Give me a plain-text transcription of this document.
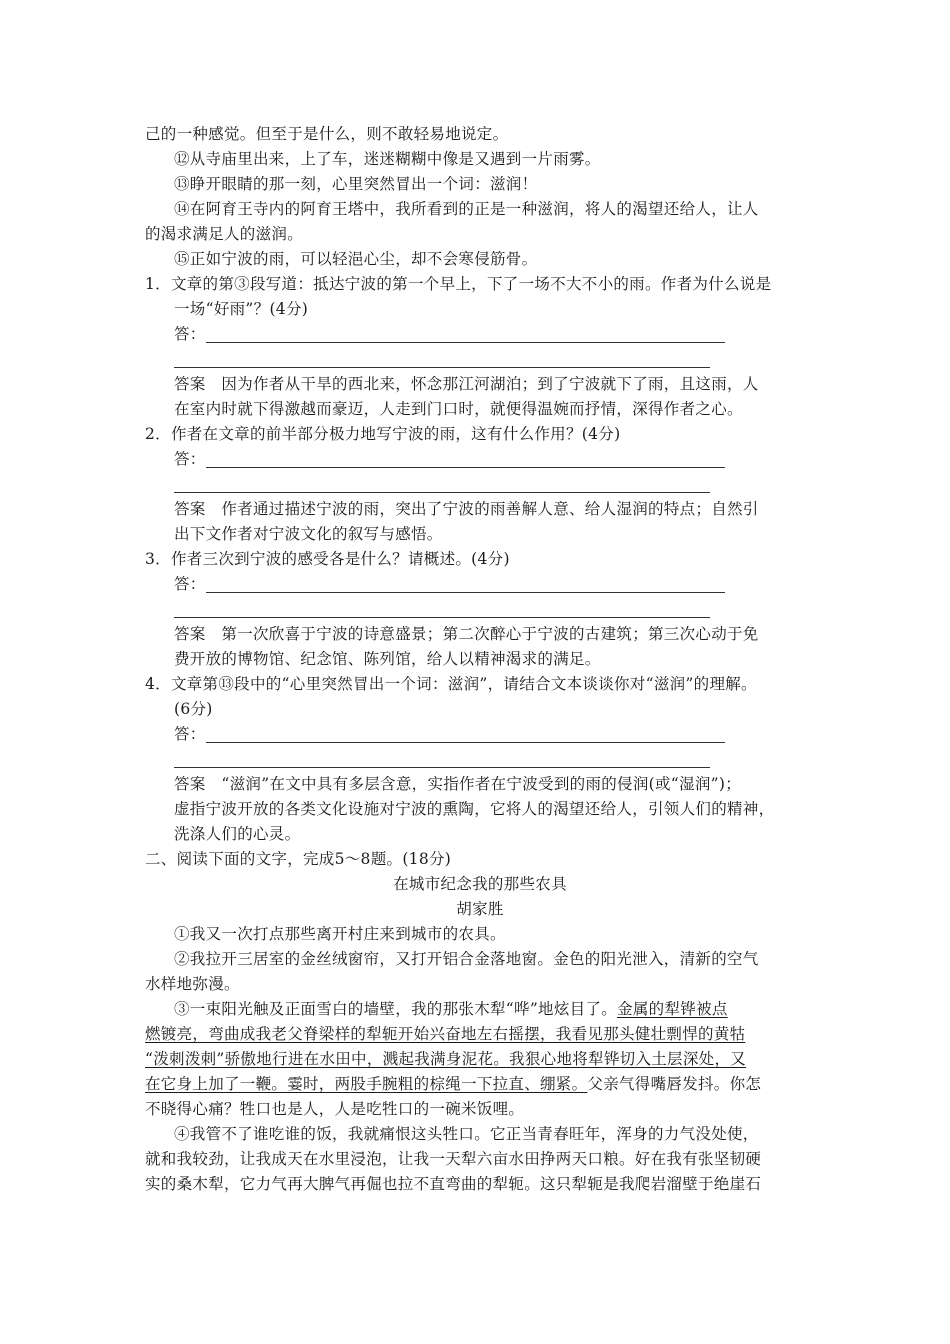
己的一种感觉。但至于是什么，则不敢轻易地说定。
⑫从寺庙里出来，上了车，迷迷糊糊中像是又遇到一片雨雾。
⑬睁开眼睛的那一刻，心里突然冒出一个词：滋润！
⑭在阿育王寺内的阿育王塔中，我所看到的正是一种滋润，将人的渴望还给人，让人
的渴求满足人的滋润。
⑮正如宁波的雨，可以轻浥心尘，却不会寒侵筋骨。
1．文章的第③段写道：抵达宁波的第一个早上，下了一场不大不小的雨。作者为什么说是
一场“好雨”？(4分)
答：
答案　因为作者从干旱的西北来，怀念那江河湖泊；到了宁波就下了雨，且这雨，人
在室内时就下得激越而豪迈，人走到门口时，就便得温婉而抒情，深得作者之心。
2．作者在文章的前半部分极力地写宁波的雨，这有什么作用？(4分)
答：
答案　作者通过描述宁波的雨，突出了宁波的雨善解人意、给人湿润的特点；自然引
出下文作者对宁波文化的叙写与感悟。
3．作者三次到宁波的感受各是什么？请概述。(4分)
答：
答案　第一次欣喜于宁波的诗意盛景；第二次醉心于宁波的古建筑；第三次心动于免
费开放的博物馆、纪念馆、陈列馆，给人以精神渴求的满足。
4．文章第⑬段中的“心里突然冒出一个词：滋润”，请结合文本谈谈你对“滋润”的理解。
(6分)
答：
答案　“滋润”在文中具有多层含意，实指作者在宁波受到的雨的侵润(或“湿润”)；
虚指宁波开放的各类文化设施对宁波的熏陶，它将人的渴望还给人，引领人们的精神，
洗涤人们的心灵。
二、阅读下面的文字，完成5～8题。(18分)
在城市纪念我的那些农具
胡家胜
①我又一次打点那些离开村庄来到城市的农具。
②我拉开三居室的金丝绒窗帘，又打开铝合金落地窗。金色的阳光泄入，清新的空气
水样地弥漫。
③一束阳光触及正面雪白的墙壁，我的那张木犁“哗”地炫目了。金属的犁铧被点
燃镀亮，弯曲成我老父脊梁样的犁轭开始兴奋地左右摇摆，我看见那头健壮剽悍的黄牯
“泼刺泼刺”骄傲地行进在水田中，溅起我满身泥花。我狠心地将犁铧切入土层深处，又
在它身上加了一鞭。霎时，两股手腕粗的棕绳一下拉直、绷紧。父亲气得嘴唇发抖。你怎
不晓得心痛？牲口也是人，人是吃牲口的一碗米饭哩。
④我管不了谁吃谁的饭，我就痛恨这头牲口。它正当青春旺年，浑身的力气没处使，
就和我较劲，让我成天在水里浸泡，让我一天犁六亩水田挣两天口粮。好在我有张坚韧硬
实的桑木犁，它力气再大脾气再倔也拉不直弯曲的犁轭。这只犁轭是我爬岩溜壁于绝崖石
